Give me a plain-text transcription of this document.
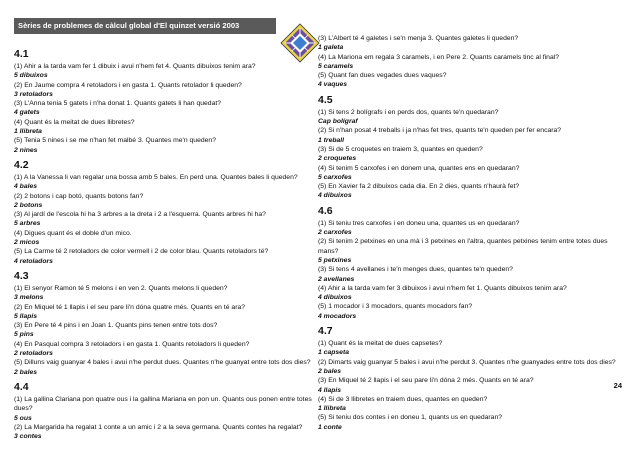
Sèries de problemes de càlcul global d'El quinzet versió 2003
4.1

(1) Ahir a la tarda vam fer 1 dibuix i avui n'hem fet 4. Quants dibuixos tenim ara?

5 dibuixos

(2) En Jaume compra 4 retoladors i en gasta 1. Quants retolador li queden?

3 retoladors

(3) L'Anna tenia 5 gatets i n'ha donat 1. Quants gatets li han quedat?

4 gatets

(4) Quant és la meitat de dues llibretes?

1 llibreta

(5) Tenia 5 nines i se me n'han fet malbé 3. Quantes me'n queden?

2 nines

4.2

(1) A la Vanessa li van regalar una bossa amb 5 bales. En perd una. Quantes bales li queden?

4 bales

(2) 2 botons i cap botó, quants botons fan?

2 botons

(3) Al jardí de l'escola hi ha 3 arbres a la dreta i 2 a l'esquerra. Quants arbres hi ha?

5 arbres

(4) Digues quant és el doble d'un mico.

2 micos

(5) La Carme té 2 retoladors de color vermell i 2 de color blau. Quants retoladors té?

4 retoladors

4.3

(1) El senyor Ramon té 5 melons i en ven 2. Quants melons li queden?

3 melons

(2) En Miquel té 1 llapis i el seu pare li'n dóna quatre més. Quants en té ara?

5 llapis

(3) En Pere té 4 pins i en Joan 1. Quants pins tenen entre tots dos?

5 pins

(4) En Pasqual compra 3 retoladors i en gasta 1. Quants retoladors li queden?

2 retoladors

(5) Dilluns vaig guanyar 4 bales i avui n'he perdut dues. Quantes n'he guanyat entre tots dos dies?

2 bales

4.4

(1) La gallina Clariana pon quatre ous i la gallina Mariana en pon un. Quants ous ponen entre totes dues?

5 ous

(2) La Margarida ha regalat 1 conte a un amic i 2 a la seva germana. Quants contes ha regalat?

3 contes

(3) L'Albert té 4 galetes i se'n menja 3. Quantes galetes li queden?

1 galeta

(4) La Mariona em regala 3 caramels, i en Pere 2. Quants caramels tinc al final?

5 caramels

(5) Quant fan dues vegades dues vaques?

4 vaques

4.5

(1) Si tens 2 bolígrafs i en perds dos, quants te'n quedaran?

Cap bolígraf

(2) Si n'han posat 4 treballs i ja n'has fet tres, quants te'n queden per fer encara?

1 treball

(3) Si de 5 croquetes en traiem 3, quantes en queden?

2 croquetes

(4) Si tenim 5 carxofes i en donem una, quantes ens en quedaran?

5 carxofes

(5) En Xavier fa 2 dibuixos cada dia. En 2 dies, quants n'haurà fet?

4 dibuixos

4.6

(1) Si teniu tres carxofes i en doneu una, quantes us en quedaran?

2 carxofes

(2) Si tenim 2 petxines en una mà i 3 petxines en l'altra, quantes petxines tenim entre totes dues mans?

5 petxines

(3) Si tens 4 avellanes i te'n menges dues, quantes te'n queden?

2 avellanes

(4) Ahir a la tarda vam fer 3 dibuixos i avui n'hem fet 1. Quants dibuixos tenim ara?

4 dibuixos

(5) 1 mocador i 3 mocadors, quants mocadors fan?

4 mocadors

4.7

(1) Quant és la meitat de dues capsetes?

1 capseta

(2) Dimarts vaig guanyar 5 bales i avui n'he perdut 3. Quantes n'he guanyades entre tots dos dies?

2 bales

(3) En Miquel té 2 llapis i el seu pare li'n dóna 2 més. Quants en té ara?

4 llapis

(4) Si de 3 llibretes en traiem dues, quantes en queden?

1 llibreta

(5) Si teniu dos contes i en doneu 1, quants us en quedaran?

1 conte

24
